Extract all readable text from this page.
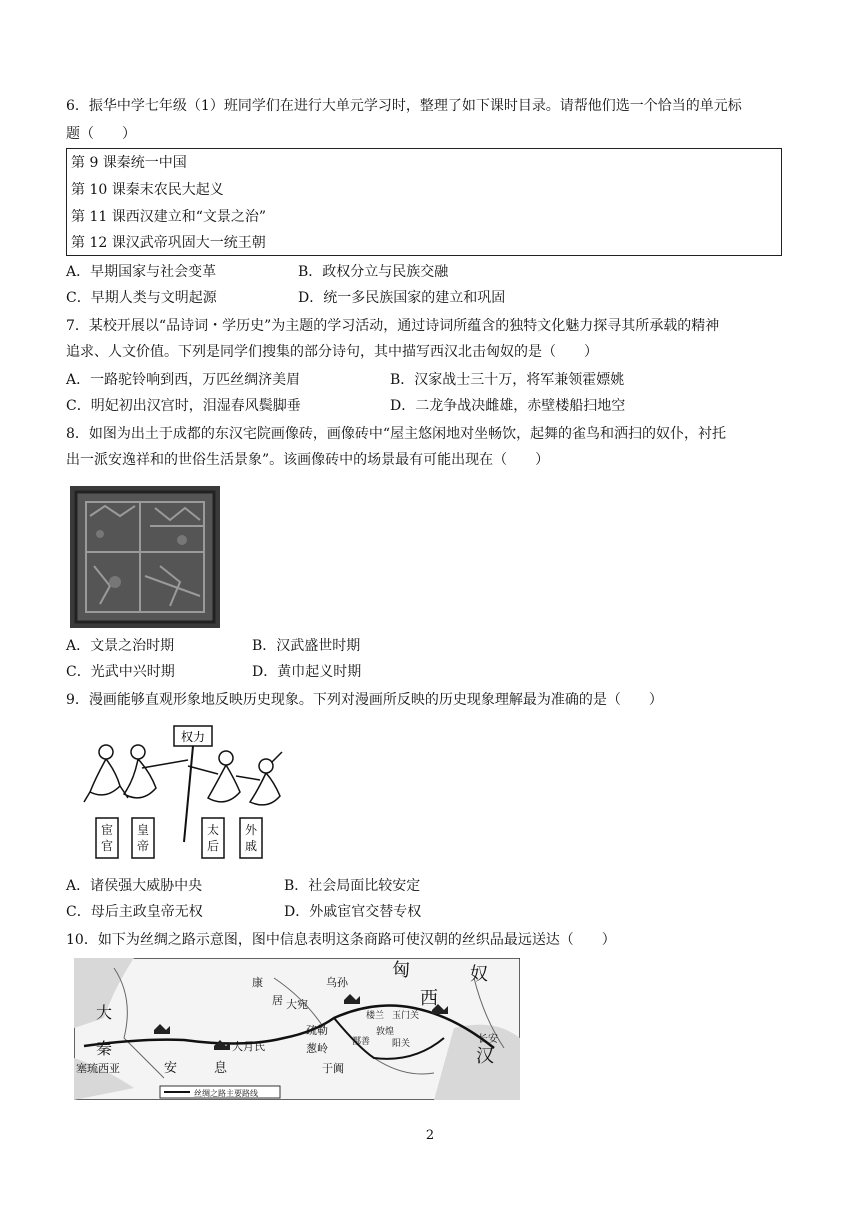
6．振华中学七年级（1）班同学们在进行大单元学习时，整理了如下课时目录。请帮他们选一个恰当的单元标
题（　　）
第 9 课秦统一中国
第 10 课秦末农民大起义
第 11 课西汉建立和“文景之治”
第 12 课汉武帝巩固大一统王朝
A．早期国家与社会变革	B．政权分立与民族交融
C．早期人类与文明起源	D．统一多民族国家的建立和巩固
7．某校开展以“品诗词・学历史”为主题的学习活动，通过诗词所蕴含的独特文化魅力探寻其所承载的精神
追求、人文价值。下列是同学们搜集的部分诗句，其中描写西汉北击匈奴的是（　　）
A．一路驼铃响到西，万匹丝绸济美眉	B．汉家战士三十万，将军兼领霍嫖姚
C．明妃初出汉宫时，泪湿春风鬓脚垂	D．二龙争战决雌雄，赤壁楼船扫地空
8．如图为出土于成都的东汉宅院画像砖，画像砖中“屋主悠闲地对坐畅饮，起舞的雀鸟和洒扫的奴仆，衬托
出一派安逸祥和的世俗生活景象”。该画像砖中的场景最有可能出现在（　　）
A．文景之治时期	B．汉武盛世时期
C．光武中兴时期	D．黄巾起义时期
9．漫画能够直观形象地反映历史现象。下列对漫画所反映的历史现象理解最为准确的是（　　）
权力
宦官
皇帝
太后
外戚
A．诸侯强大威胁中央	B．社会局面比较安定
C．母后主政皇帝无权	D．外戚宦官交替专权
10．如下为丝绸之路示意图，图中信息表明这条商路可使汉朝的丝织品最远送达（　　）
匈	奴
西
汉
大
秦
康
居 大宛
乌孙
疏勒
大月氏	葱岭
于阗
楼兰 玉门关
敦煌
阳关
鄯善	长安
塞琉西亚	安	息
丝绸之路主要路线
2
